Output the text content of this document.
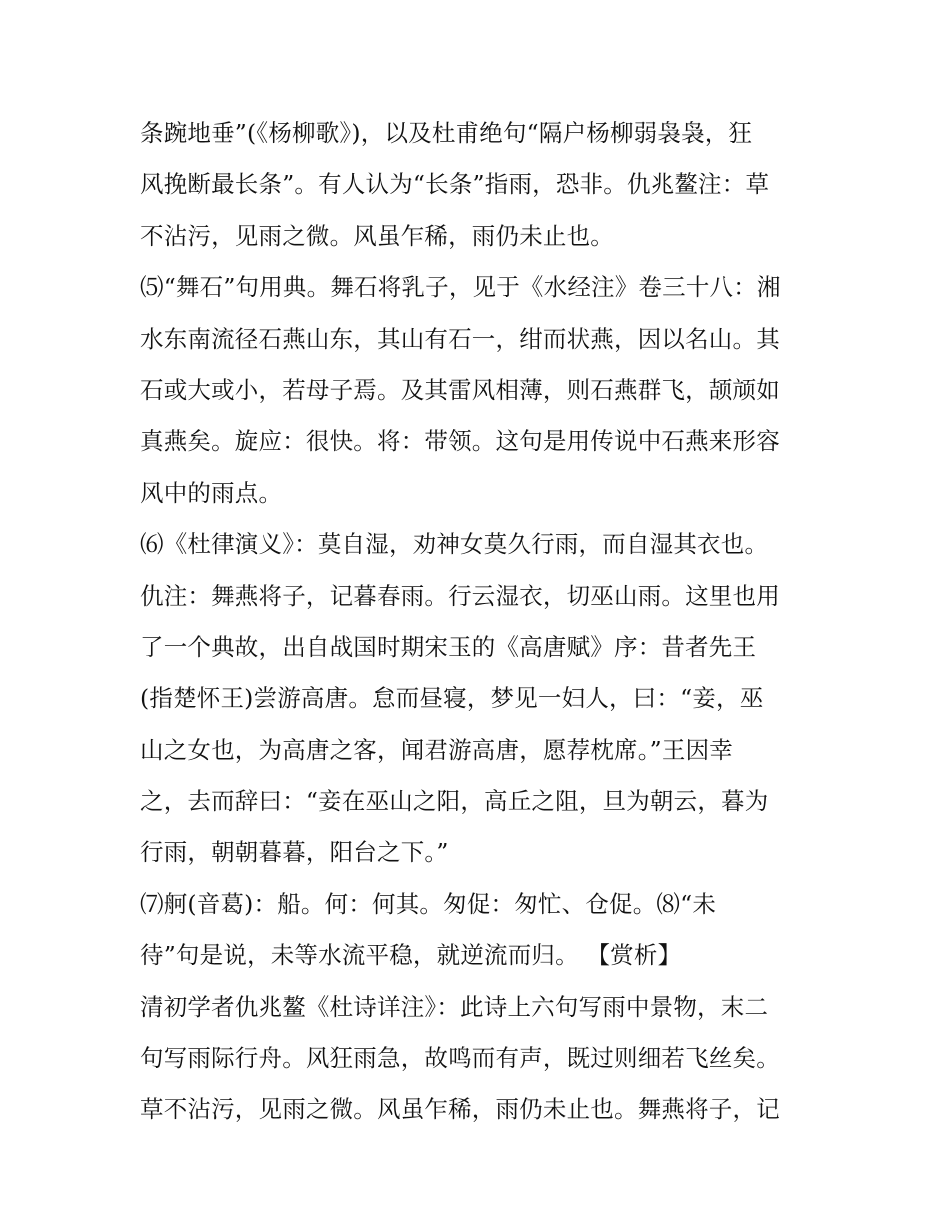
条踠地垂”(《杨柳歌》)，以及杜甫绝句“隔户杨柳弱袅袅，狂
风挽断最长条”。有人认为“长条”指雨，恐非。仇兆鳌注：草
不沾污，见雨之微。风虽乍稀，雨仍未止也。
⑸“舞石”句用典。舞石将乳子，见于《水经注》卷三十八：湘
水东南流径石燕山东，其山有石一，绀而状燕，因以名山。其
石或大或小，若母子焉。及其雷风相薄，则石燕群飞，颉颃如
真燕矣。旋应：很快。将：带领。这句是用传说中石燕来形容
风中的雨点。
⑹《杜律演义》：莫自湿，劝神女莫久行雨，而自湿其衣也。
仇注：舞燕将子，记暮春雨。行云湿衣，切巫山雨。这里也用
了一个典故，出自战国时期宋玉的《高唐赋》序：昔者先王
(指楚怀王)尝游高唐。怠而昼寝，梦见一妇人，曰：“妾，巫
山之女也，为高唐之客，闻君游高唐，愿荐枕席。”王因幸
之，去而辞曰：“妾在巫山之阳，高丘之阻，旦为朝云，暮为
行雨，朝朝暮暮，阳台之下。”
⑺舸(音葛)：船。何：何其。匆促：匆忙、仓促。⑻“未
待”句是说，未等水流平稳，就逆流而归。 【赏析】
清初学者仇兆鳌《杜诗详注》：此诗上六句写雨中景物，末二
句写雨际行舟。风狂雨急，故鸣而有声，既过则细若飞丝矣。
草不沾污，见雨之微。风虽乍稀，雨仍未止也。舞燕将子，记
